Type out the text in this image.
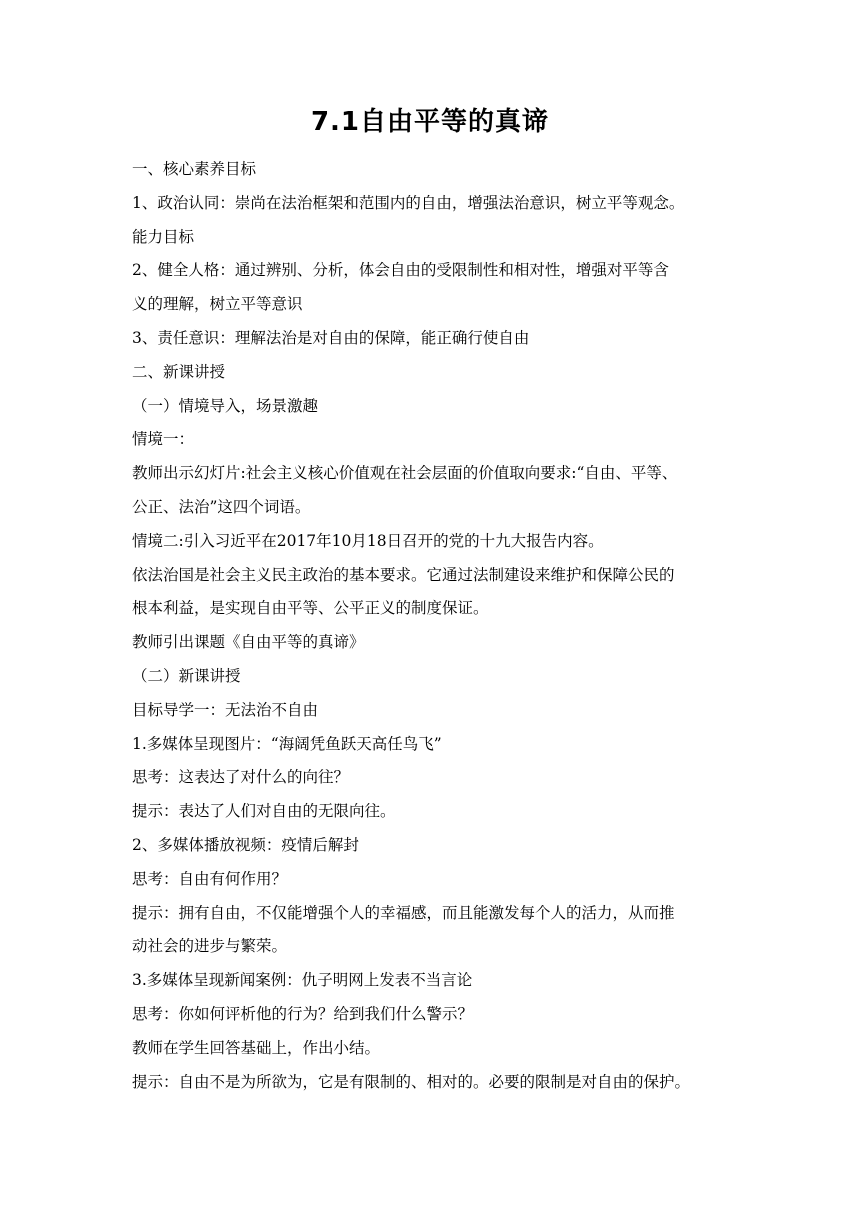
7.1自由平等的真谛
一、核心素养目标
1、政治认同：崇尚在法治框架和范围内的自由，增强法治意识，树立平等观念。
能力目标
2、健全人格：通过辨别、分析，体会自由的受限制性和相对性，增强对平等含
义的理解，树立平等意识
3、责任意识：理解法治是对自由的保障，能正确行使自由
二、新课讲授
（一）情境导入，场景激趣
情境一：
教师出示幻灯片:社会主义核心价值观在社会层面的价值取向要求:“自由、平等、
公正、法治”这四个词语。
情境二:引入习近平在2017年10月18日召开的党的十九大报告内容。
依法治国是社会主义民主政治的基本要求。它通过法制建设来维护和保障公民的
根本利益，是实现自由平等、公平正义的制度保证。
教师引出课题《自由平等的真谛》
（二）新课讲授
目标导学一：无法治不自由
1.多媒体呈现图片：“海阔凭鱼跃天高任鸟飞”
思考：这表达了对什么的向往？
提示：表达了人们对自由的无限向往。
2、多媒体播放视频：疫情后解封
思考：自由有何作用？
提示：拥有自由，不仅能增强个人的幸福感，而且能激发每个人的活力，从而推
动社会的进步与繁荣。
3.多媒体呈现新闻案例：仇子明网上发表不当言论
思考：你如何评析他的行为？给到我们什么警示？
教师在学生回答基础上，作出小结。
提示：自由不是为所欲为，它是有限制的、相对的。必要的限制是对自由的保护。
